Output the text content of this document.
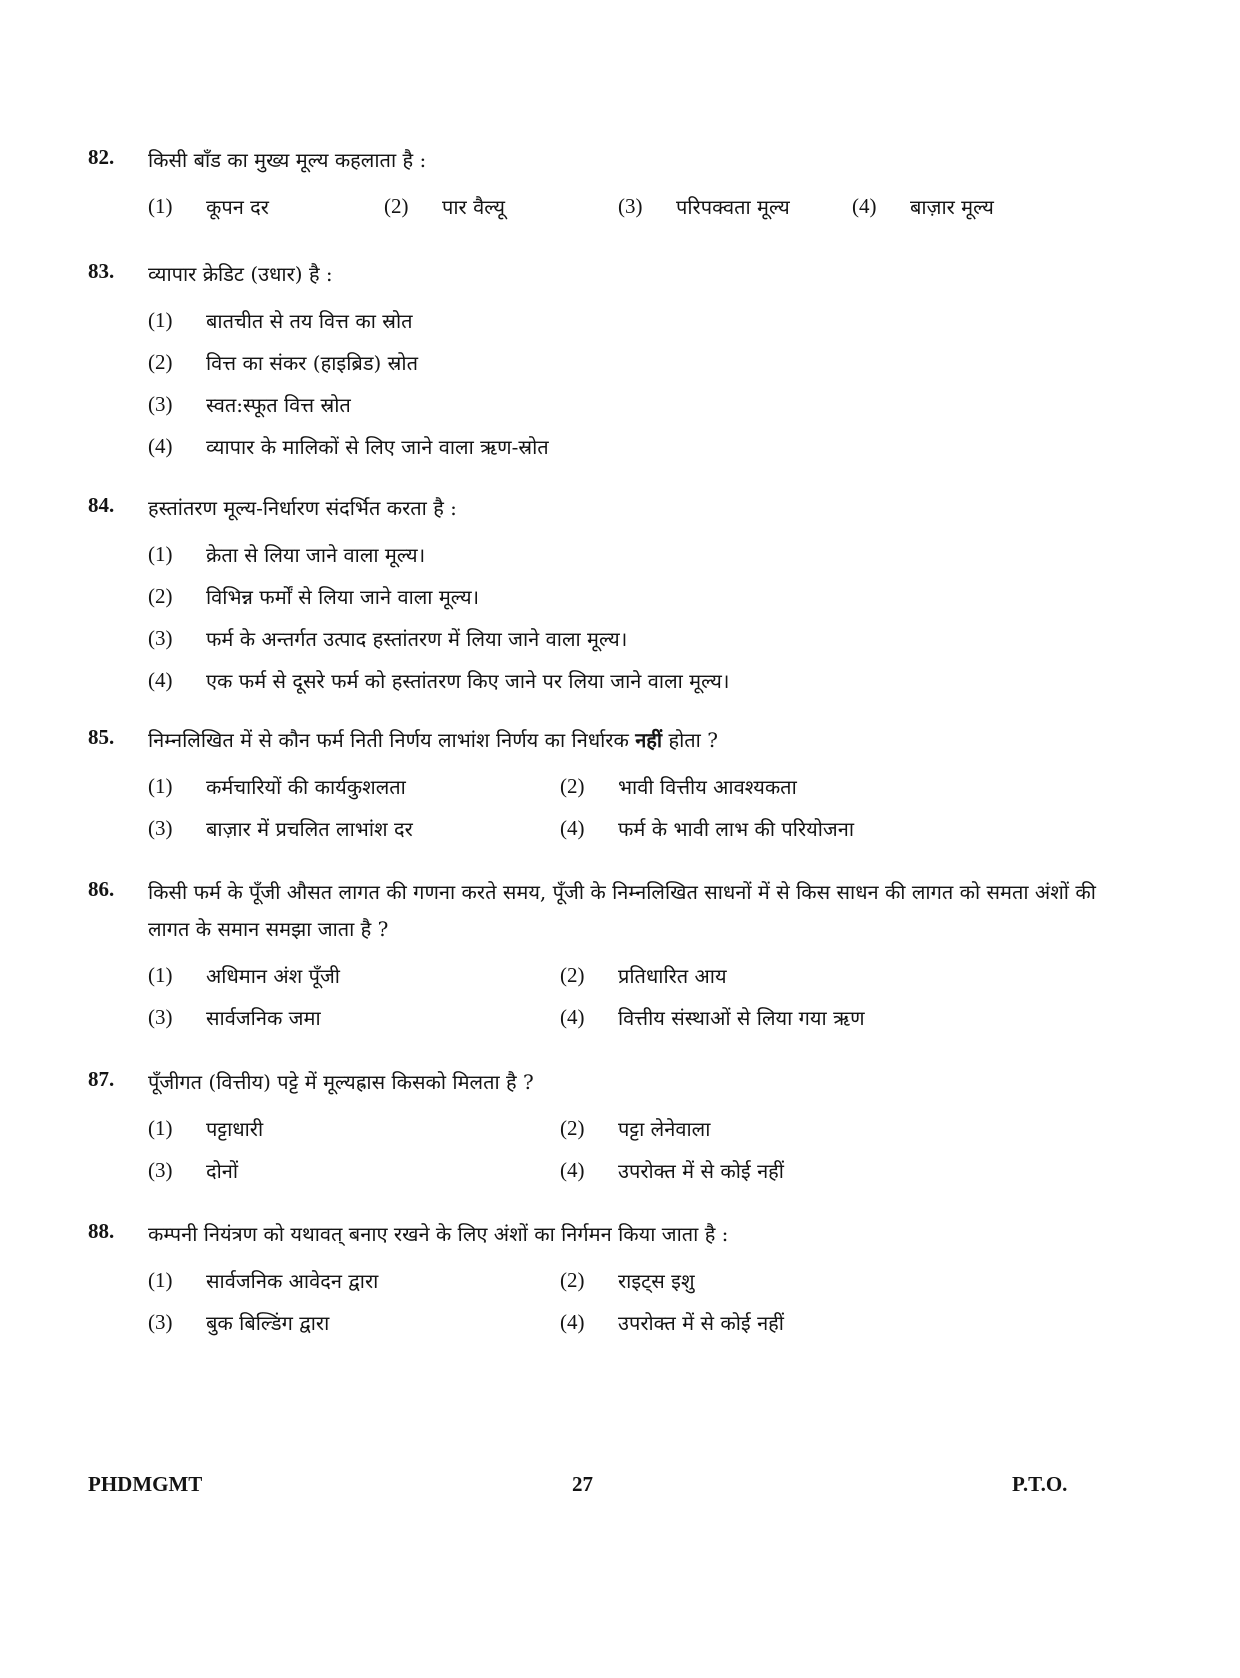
82.	किसी बॉंड का मुख्य मूल्य कहलाता है :
(1)	कूपन दर	(2)	पार वैल्यू	(3)	परिपक्वता मूल्य	(4)	बाज़ार मूल्य
83.	व्यापार क्रेडिट (उधार) है :
(1)	बातचीत से तय वित्त का स्रोत
(2)	वित्त का संकर (हाइब्रिड) स्रोत
(3)	स्वत:स्फूत वित्त स्रोत
(4)	व्यापार के मालिकों से लिए जाने वाला ऋण-स्रोत
84.	हस्तांतरण मूल्य-निर्धारण संदर्भित करता है :
(1)	क्रेता से लिया जाने वाला मूल्य।
(2)	विभिन्न फर्मों से लिया जाने वाला मूल्य।
(3)	फर्म के अन्तर्गत उत्पाद हस्तांतरण में लिया जाने वाला मूल्य।
(4)	एक फर्म से दूसरे फर्म को हस्तांतरण किए जाने पर लिया जाने वाला मूल्य।
85.	निम्नलिखित में से कौन फर्म निती निर्णय लाभांश निर्णय का निर्धारक नहीं होता ?
(1)	कर्मचारियों की कार्यकुशलता	(2)	भावी वित्तीय आवश्यकता
(3)	बाज़ार में प्रचलित लाभांश दर	(4)	फर्म के भावी लाभ की परियोजना
86.	किसी फर्म के पूँजी औसत लागत की गणना करते समय, पूँजी के निम्नलिखित साधनों में से किस साधन की लागत को समता अंशों की लागत के समान समझा जाता है ?
(1)	अधिमान अंश पूँजी	(2)	प्रतिधारित आय
(3)	सार्वजनिक जमा	(4)	वित्तीय संस्थाओं से लिया गया ऋण
87.	पूँजीगत (वित्तीय) पट्टे में मूल्यह्रास किसको मिलता है ?
(1)	पट्टाधारी	(2)	पट्टा लेनेवाला
(3)	दोनों	(4)	उपरोक्त में से कोई नहीं
88.	कम्पनी नियंत्रण को यथावत् बनाए रखने के लिए अंशों का निर्गमन किया जाता है :
(1)	सार्वजनिक आवेदन द्वारा	(2)	राइट्स इशु
(3)	बुक बिल्डिंग द्वारा	(4)	उपरोक्त में से कोई नहीं
PHDMGMT	27	P.T.O.
